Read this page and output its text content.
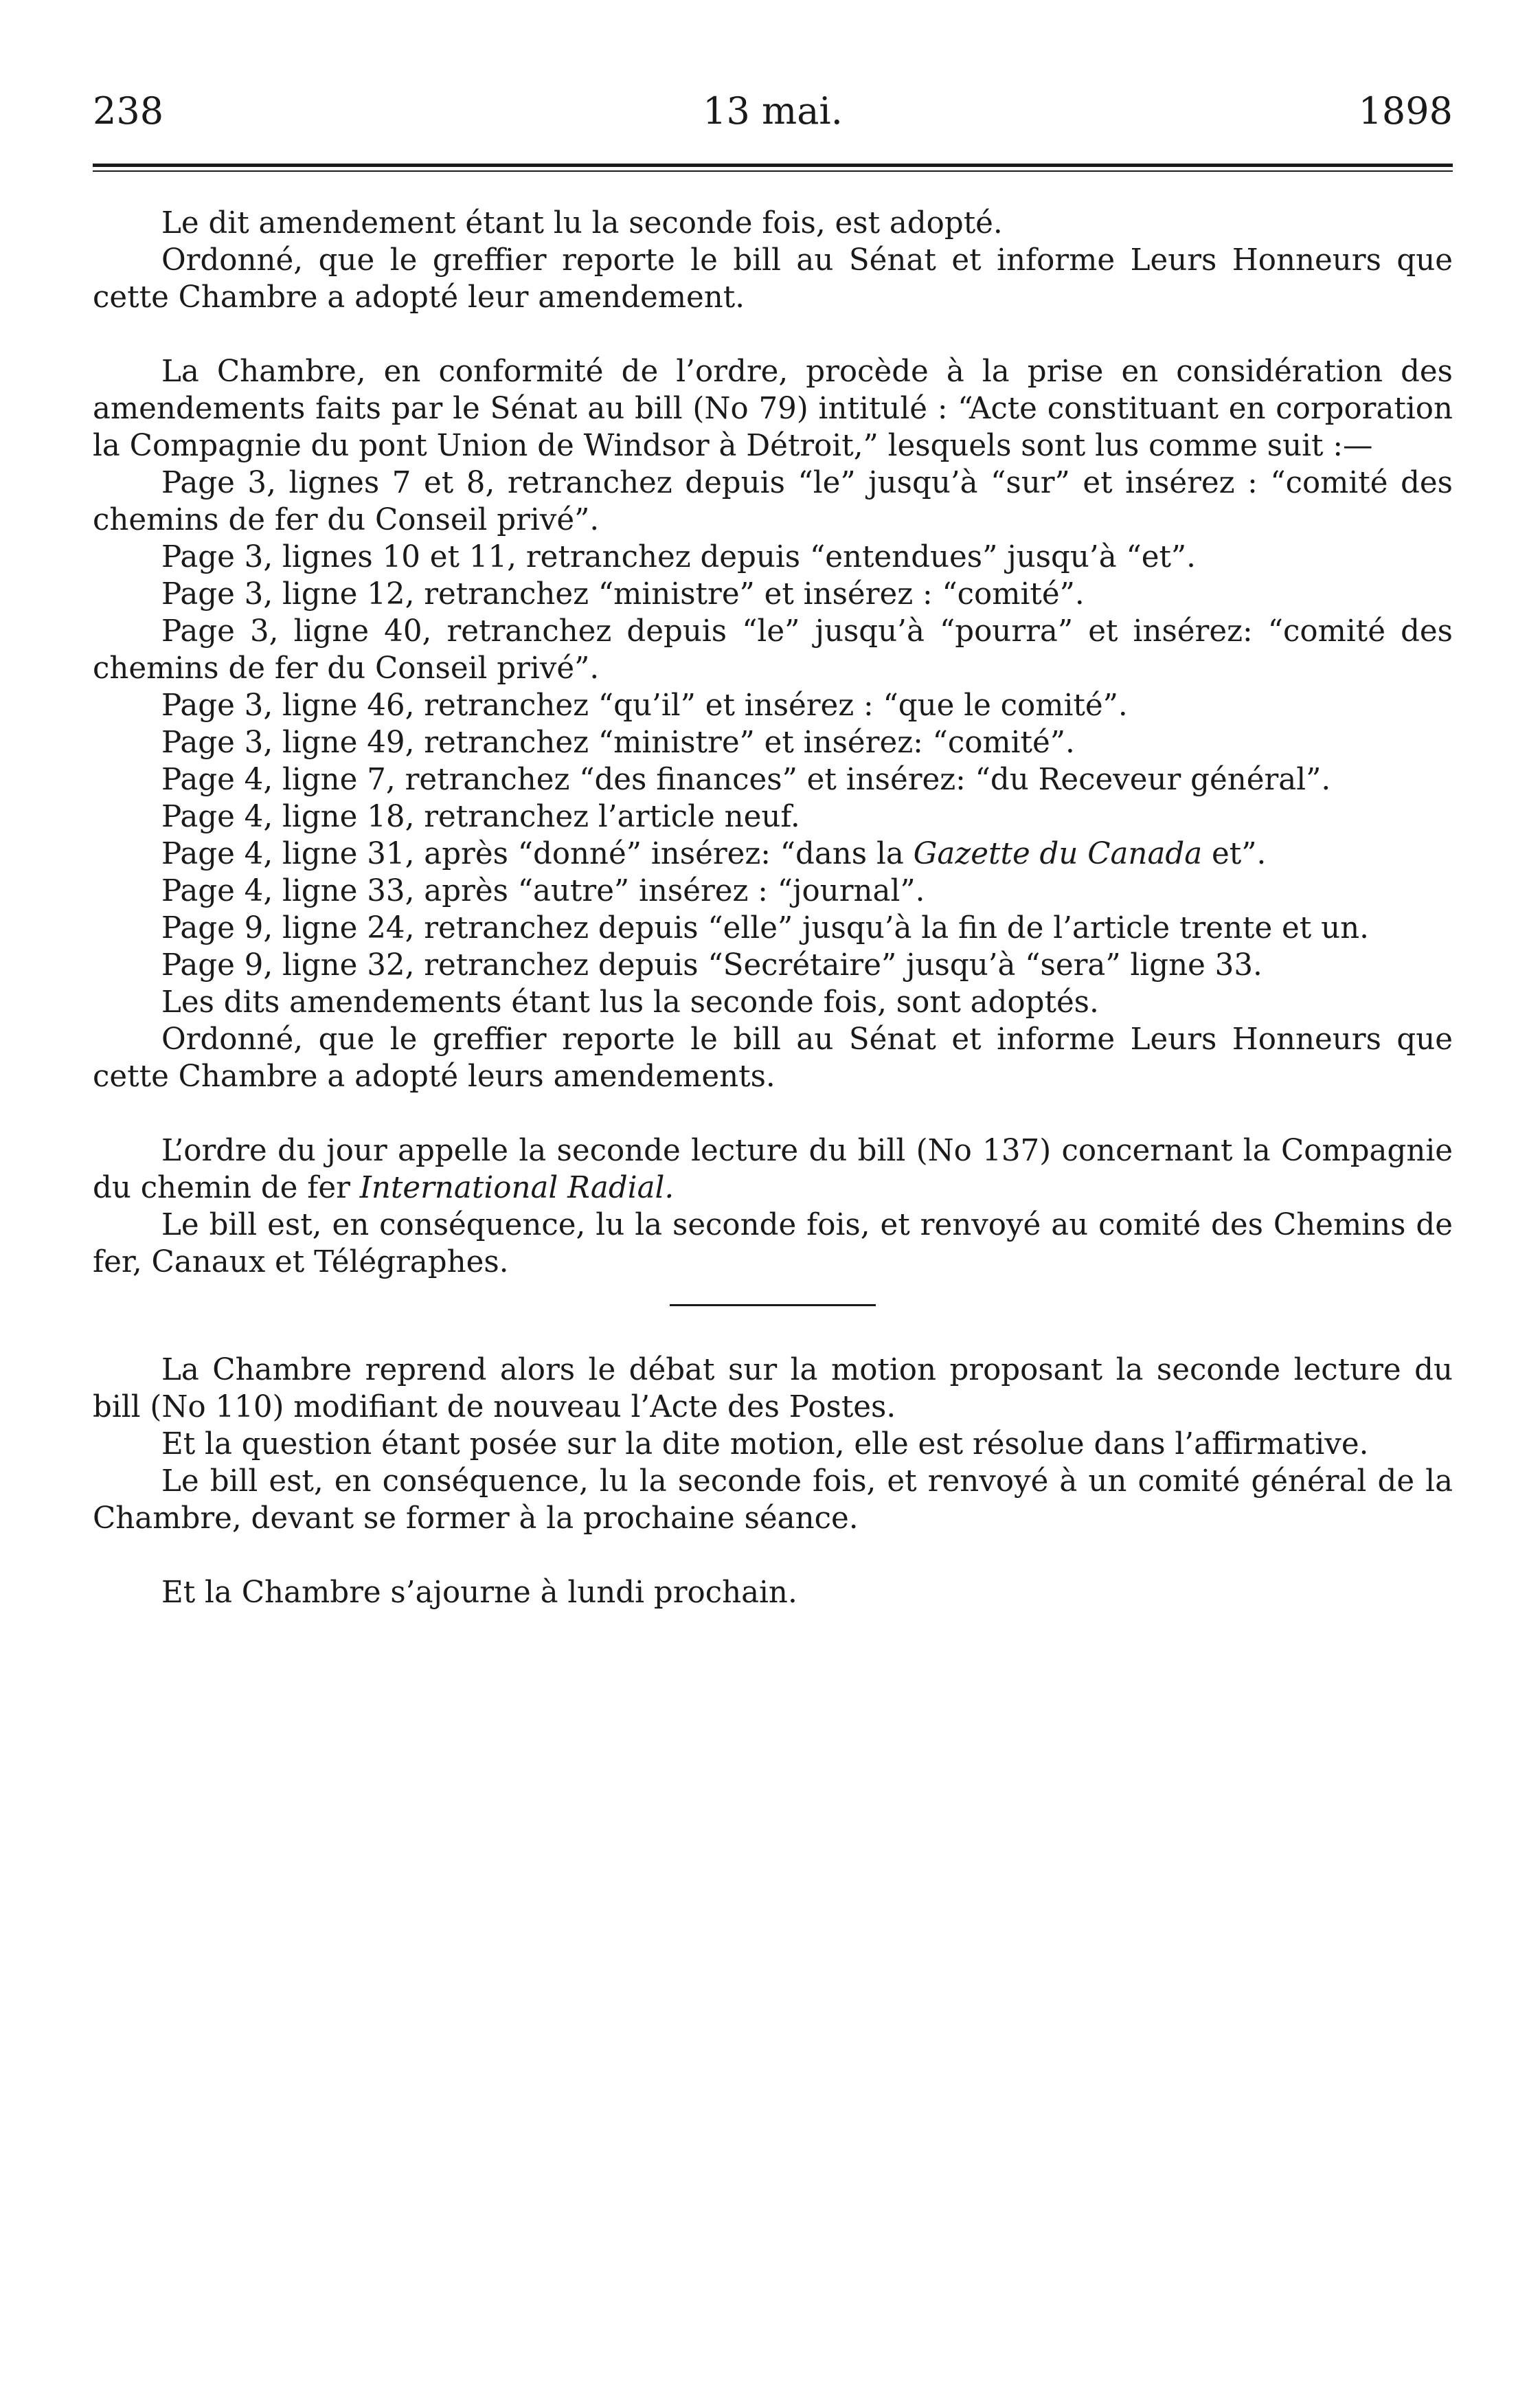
238	13 mai.	1898

Le dit amendement étant lu la seconde fois, est adopté.

Ordonné, que le greffier reporte le bill au Sénat et informe Leurs Honneurs que cette Chambre a adopté leur amendement.

La Chambre, en conformité de l’ordre, procède à la prise en considération des amendements faits par le Sénat au bill (No 79) intitulé : “Acte constituant en corporation la Compagnie du pont Union de Windsor à Détroit,” lesquels sont lus comme suit :—

Page 3, lignes 7 et 8, retranchez depuis “le” jusqu’à “sur” et insérez : “comité des chemins de fer du Conseil privé”.

Page 3, lignes 10 et 11, retranchez depuis “entendues” jusqu’à “et”.

Page 3, ligne 12, retranchez “ministre” et insérez : “comité”.

Page 3, ligne 40, retranchez depuis “le” jusqu’à “pourra” et insérez: “comité des chemins de fer du Conseil privé”.

Page 3, ligne 46, retranchez “qu’il” et insérez : “que le comité”.

Page 3, ligne 49, retranchez “ministre” et insérez: “comité”.

Page 4, ligne 7, retranchez “des finances” et insérez: “du Receveur général”.

Page 4, ligne 18, retranchez l’article neuf.

Page 4, ligne 31, après “donné” insérez: “dans la Gazette du Canada et”.

Page 4, ligne 33, après “autre” insérez : “journal”.

Page 9, ligne 24, retranchez depuis “elle” jusqu’à la fin de l’article trente et un.

Page 9, ligne 32, retranchez depuis “Secrétaire” jusqu’à “sera” ligne 33.

Les dits amendements étant lus la seconde fois, sont adoptés.

Ordonné, que le greffier reporte le bill au Sénat et informe Leurs Honneurs que cette Chambre a adopté leurs amendements.

L’ordre du jour appelle la seconde lecture du bill (No 137) concernant la Compagnie du chemin de fer International Radial.

Le bill est, en conséquence, lu la seconde fois, et renvoyé au comité des Chemins de fer, Canaux et Télégraphes.

La Chambre reprend alors le débat sur la motion proposant la seconde lecture du bill (No 110) modifiant de nouveau l’Acte des Postes.

Et la question étant posée sur la dite motion, elle est résolue dans l’affirmative.

Le bill est, en conséquence, lu la seconde fois, et renvoyé à un comité général de la Chambre, devant se former à la prochaine séance.

Et la Chambre s’ajourne à lundi prochain.
